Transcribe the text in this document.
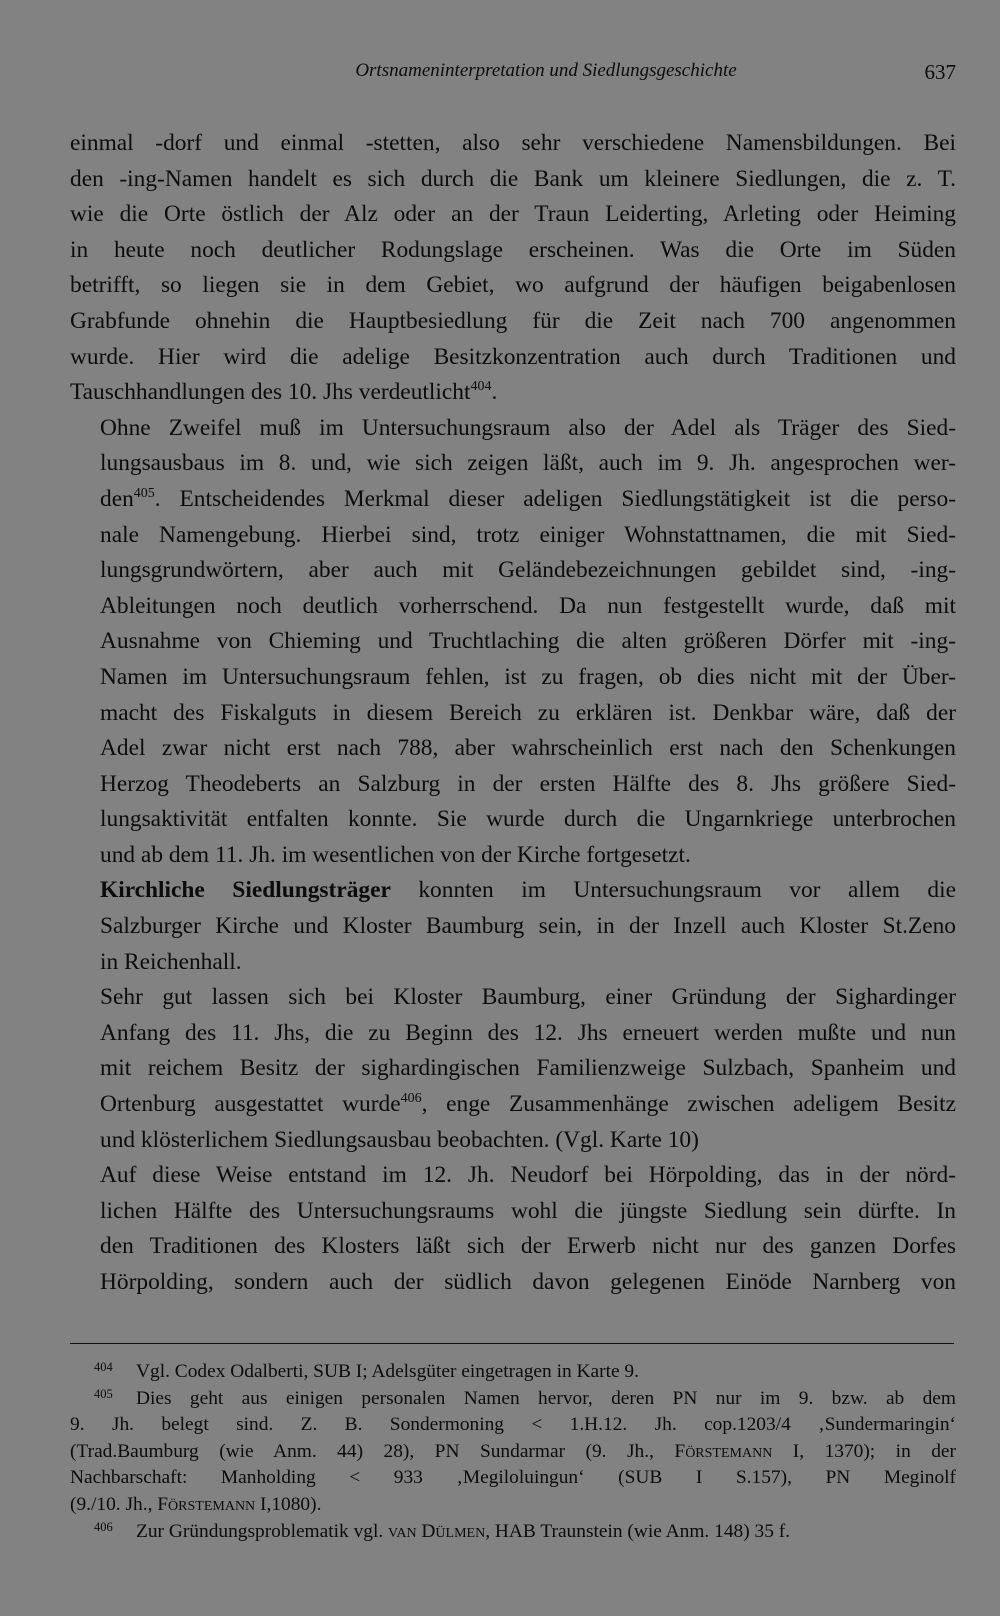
Ortsnameninterpretation und Siedlungsgeschichte	637

einmal -dorf und einmal -stetten, also sehr verschiedene Namensbildungen. Bei
den -ing-Namen handelt es sich durch die Bank um kleinere Siedlungen, die z. T.
wie die Orte östlich der Alz oder an der Traun Leiderting, Arleting oder Heiming
in heute noch deutlicher Rodungslage erscheinen. Was die Orte im Süden
betrifft, so liegen sie in dem Gebiet, wo aufgrund der häufigen beigabenlosen
Grabfunde ohnehin die Hauptbesiedlung für die Zeit nach 700 angenommen
wurde. Hier wird die adelige Besitzkonzentration auch durch Traditionen und
Tauschhandlungen des 10. Jhs verdeutlicht$^{404}$.

Ohne Zweifel muß im Untersuchungsraum also der Adel als Träger des Sied-
lungsausbaus im 8. und, wie sich zeigen läßt, auch im 9. Jh. angesprochen wer-
den$^{405}$. Entscheidendes Merkmal dieser adeligen Siedlungstätigkeit ist die perso-
nale Namengebung. Hierbei sind, trotz einiger Wohnstattnamen, die mit Sied-
lungsgrundwörtern, aber auch mit Geländebezeichnungen gebildet sind, -ing-
Ableitungen noch deutlich vorherrschend. Da nun festgestellt wurde, daß mit
Ausnahme von Chieming und Truchtlaching die alten größeren Dörfer mit -ing-
Namen im Untersuchungsraum fehlen, ist zu fragen, ob dies nicht mit der Über-
macht des Fiskalguts in diesem Bereich zu erklären ist. Denkbar wäre, daß der
Adel zwar nicht erst nach 788, aber wahrscheinlich erst nach den Schenkungen
Herzog Theodeberts an Salzburg in der ersten Hälfte des 8. Jhs größere Sied-
lungsaktivität entfalten konnte. Sie wurde durch die Ungarnkriege unterbrochen
und ab dem 11. Jh. im wesentlichen von der Kirche fortgesetzt.

Kirchliche Siedlungsträger konnten im Untersuchungsraum vor allem die
Salzburger Kirche und Kloster Baumburg sein, in der Inzell auch Kloster St.Zeno
in Reichenhall.

Sehr gut lassen sich bei Kloster Baumburg, einer Gründung der Sighardinger
Anfang des 11. Jhs, die zu Beginn des 12. Jhs erneuert werden mußte und nun
mit reichem Besitz der sighardingischen Familienzweige Sulzbach, Spanheim und
Ortenburg ausgestattet wurde$^{406}$, enge Zusammenhänge zwischen adeligem Besitz
und klösterlichem Siedlungsausbau beobachten. (Vgl. Karte 10)

Auf diese Weise entstand im 12. Jh. Neudorf bei Hörpolding, das in der nörd-
lichen Hälfte des Untersuchungsraums wohl die jüngste Siedlung sein dürfte. In
den Traditionen des Klosters läßt sich der Erwerb nicht nur des ganzen Dorfes
Hörpolding, sondern auch der südlich davon gelegenen Einöde Narnberg von

404	Vgl. Codex Odalberti, SUB I; Adelsgüter eingetragen in Karte 9.
405	Dies geht aus einigen personalen Namen hervor, deren PN nur im 9. bzw. ab dem
9. Jh. belegt sind. Z. B. Sondermoning < 1.H.12. Jh. cop.1203/4 ‚Sundermaringin‘
(Trad.Baumburg (wie Anm. 44) 28), PN Sundarmar (9. Jh., Förstemann I, 1370); in der
Nachbarschaft: Manholding < 933 ‚Megiloluingun‘ (SUB I S.157), PN Meginolf
(9./10. Jh., Förstemann I,1080).
406	Zur Gründungsproblematik vgl. van Dülmen, HAB Traunstein (wie Anm. 148) 35 f.
